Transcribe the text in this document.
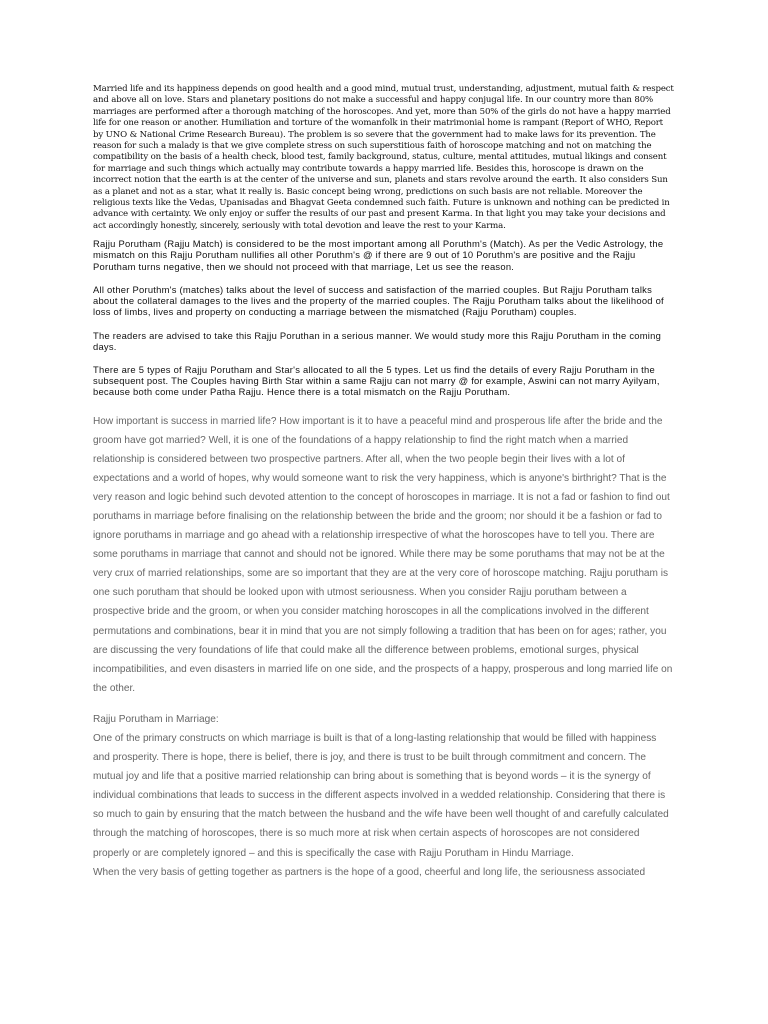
Married life and its happiness depends on good health and a good mind, mutual trust, understanding, adjustment, mutual faith & respect and above all on love. Stars and planetary positions do not make a successful and happy conjugal life. In our country more than 80% marriages are performed after a thorough matching of the horoscopes. And yet, more than 50% of the girls do not have a happy married life for one reason or another. Humiliation and torture of the womanfolk in their matrimonial home is rampant (Report of WHO, Report by UNO & National Crime Research Bureau). The problem is so severe that the government had to make laws for its prevention. The reason for such a malady is that we give complete stress on such superstitious faith of horoscope matching and not on matching the compatibility on the basis of a health check, blood test, family background, status, culture, mental attitudes, mutual likings and consent for marriage and such things which actually may contribute towards a happy married life. Besides this, horoscope is drawn on the incorrect notion that the earth is at the center of the universe and sun, planets and stars revolve around the earth. It also considers Sun as a planet and not as a star, what it really is. Basic concept being wrong, predictions on such basis are not reliable. Moreover the religious texts like the Vedas, Upanisadas and Bhagvat Geeta condemned such faith. Future is unknown and nothing can be predicted in advance with certainty. We only enjoy or suffer the results of our past and present Karma. In that light you may take your decisions and act accordingly honestly, sincerely, seriously with total devotion and leave the rest to your Karma.

Rajju Porutham (Rajju Match) is considered to be the most important among all Poruthm's (Match). As per the Vedic Astrology, the mismatch on this Rajju Porutham nullifies all other Poruthm's @ if there are 9 out of 10 Poruthm's are positive and the Rajju Porutham turns negative, then we should not proceed with that marriage, Let us see the reason.

All other Poruthm's (matches) talks about the level of success and satisfaction of the married couples. But Rajju Porutham talks about the collateral damages to the lives and the property of the married couples. The Rajju Porutham talks about the likelihood of loss of limbs, lives and property on conducting a marriage between the mismatched (Rajju Porutham) couples.

The readers are advised to take this Rajju Poruthan in a serious manner. We would study more this Rajju Porutham in the coming days.

There are 5 types of Rajju Porutham and Star's allocated to all the 5 types. Let us find the details of every Rajju Porutham in the subsequent post. The Couples having Birth Star within a same Rajju can not marry @ for example, Aswini can not marry Ayilyam, because both come under Patha Rajju. Hence there is a total mismatch on the Rajju Porutham.

How important is success in married life? How important is it to have a peaceful mind and prosperous life after the bride and the groom have got married? Well, it is one of the foundations of a happy relationship to find the right match when a married relationship is considered between two prospective partners. After all, when the two people begin their lives with a lot of expectations and a world of hopes, why would someone want to risk the very happiness, which is anyone's birthright? That is the very reason and logic behind such devoted attention to the concept of horoscopes in marriage. It is not a fad or fashion to find out poruthams in marriage before finalising on the relationship between the bride and the groom; nor should it be a fashion or fad to ignore poruthams in marriage and go ahead with a relationship irrespective of what the horoscopes have to tell you. There are some poruthams in marriage that cannot and should not be ignored. While there may be some poruthams that may not be at the very crux of married relationships, some are so important that they are at the very core of horoscope matching. Rajju porutham is one such porutham that should be looked upon with utmost seriousness. When you consider Rajju porutham between a prospective bride and the groom, or when you consider matching horoscopes in all the complications involved in the different permutations and combinations, bear it in mind that you are not simply following a tradition that has been on for ages; rather, you are discussing the very foundations of life that could make all the difference between problems, emotional surges, physical incompatibilities, and even disasters in married life on one side, and the prospects of a happy, prosperous and long married life on the other.

Rajju Porutham in Marriage:

One of the primary constructs on which marriage is built is that of a long-lasting relationship that would be filled with happiness and prosperity. There is hope, there is belief, there is joy, and there is trust to be built through commitment and concern. The mutual joy and life that a positive married relationship can bring about is something that is beyond words – it is the synergy of individual combinations that leads to success in the different aspects involved in a wedded relationship. Considering that there is so much to gain by ensuring that the match between the husband and the wife have been well thought of and carefully calculated through the matching of horoscopes, there is so much more at risk when certain aspects of horoscopes are not considered properly or are completely ignored – and this is specifically the case with Rajju Porutham in Hindu Marriage.

When the very basis of getting together as partners is the hope of a good, cheerful and long life, the seriousness associated
